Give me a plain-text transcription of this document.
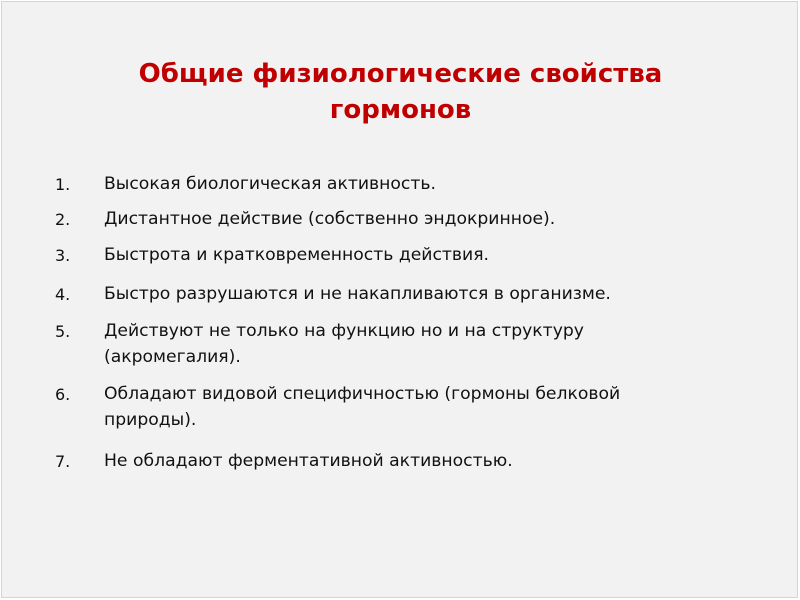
Общие физиологические свойства
гормонов
1. Высокая биологическая активность.
2. Дистантное действие (собственно эндокринное).
3. Быстрота и кратковременность действия.
4. Быстро разрушаются и не накапливаются в организме.
5. Действуют не только на функцию но и на структуру (акромегалия).
6. Обладают видовой специфичностью (гормоны белковой природы).
7. Не обладают ферментативной активностью.
